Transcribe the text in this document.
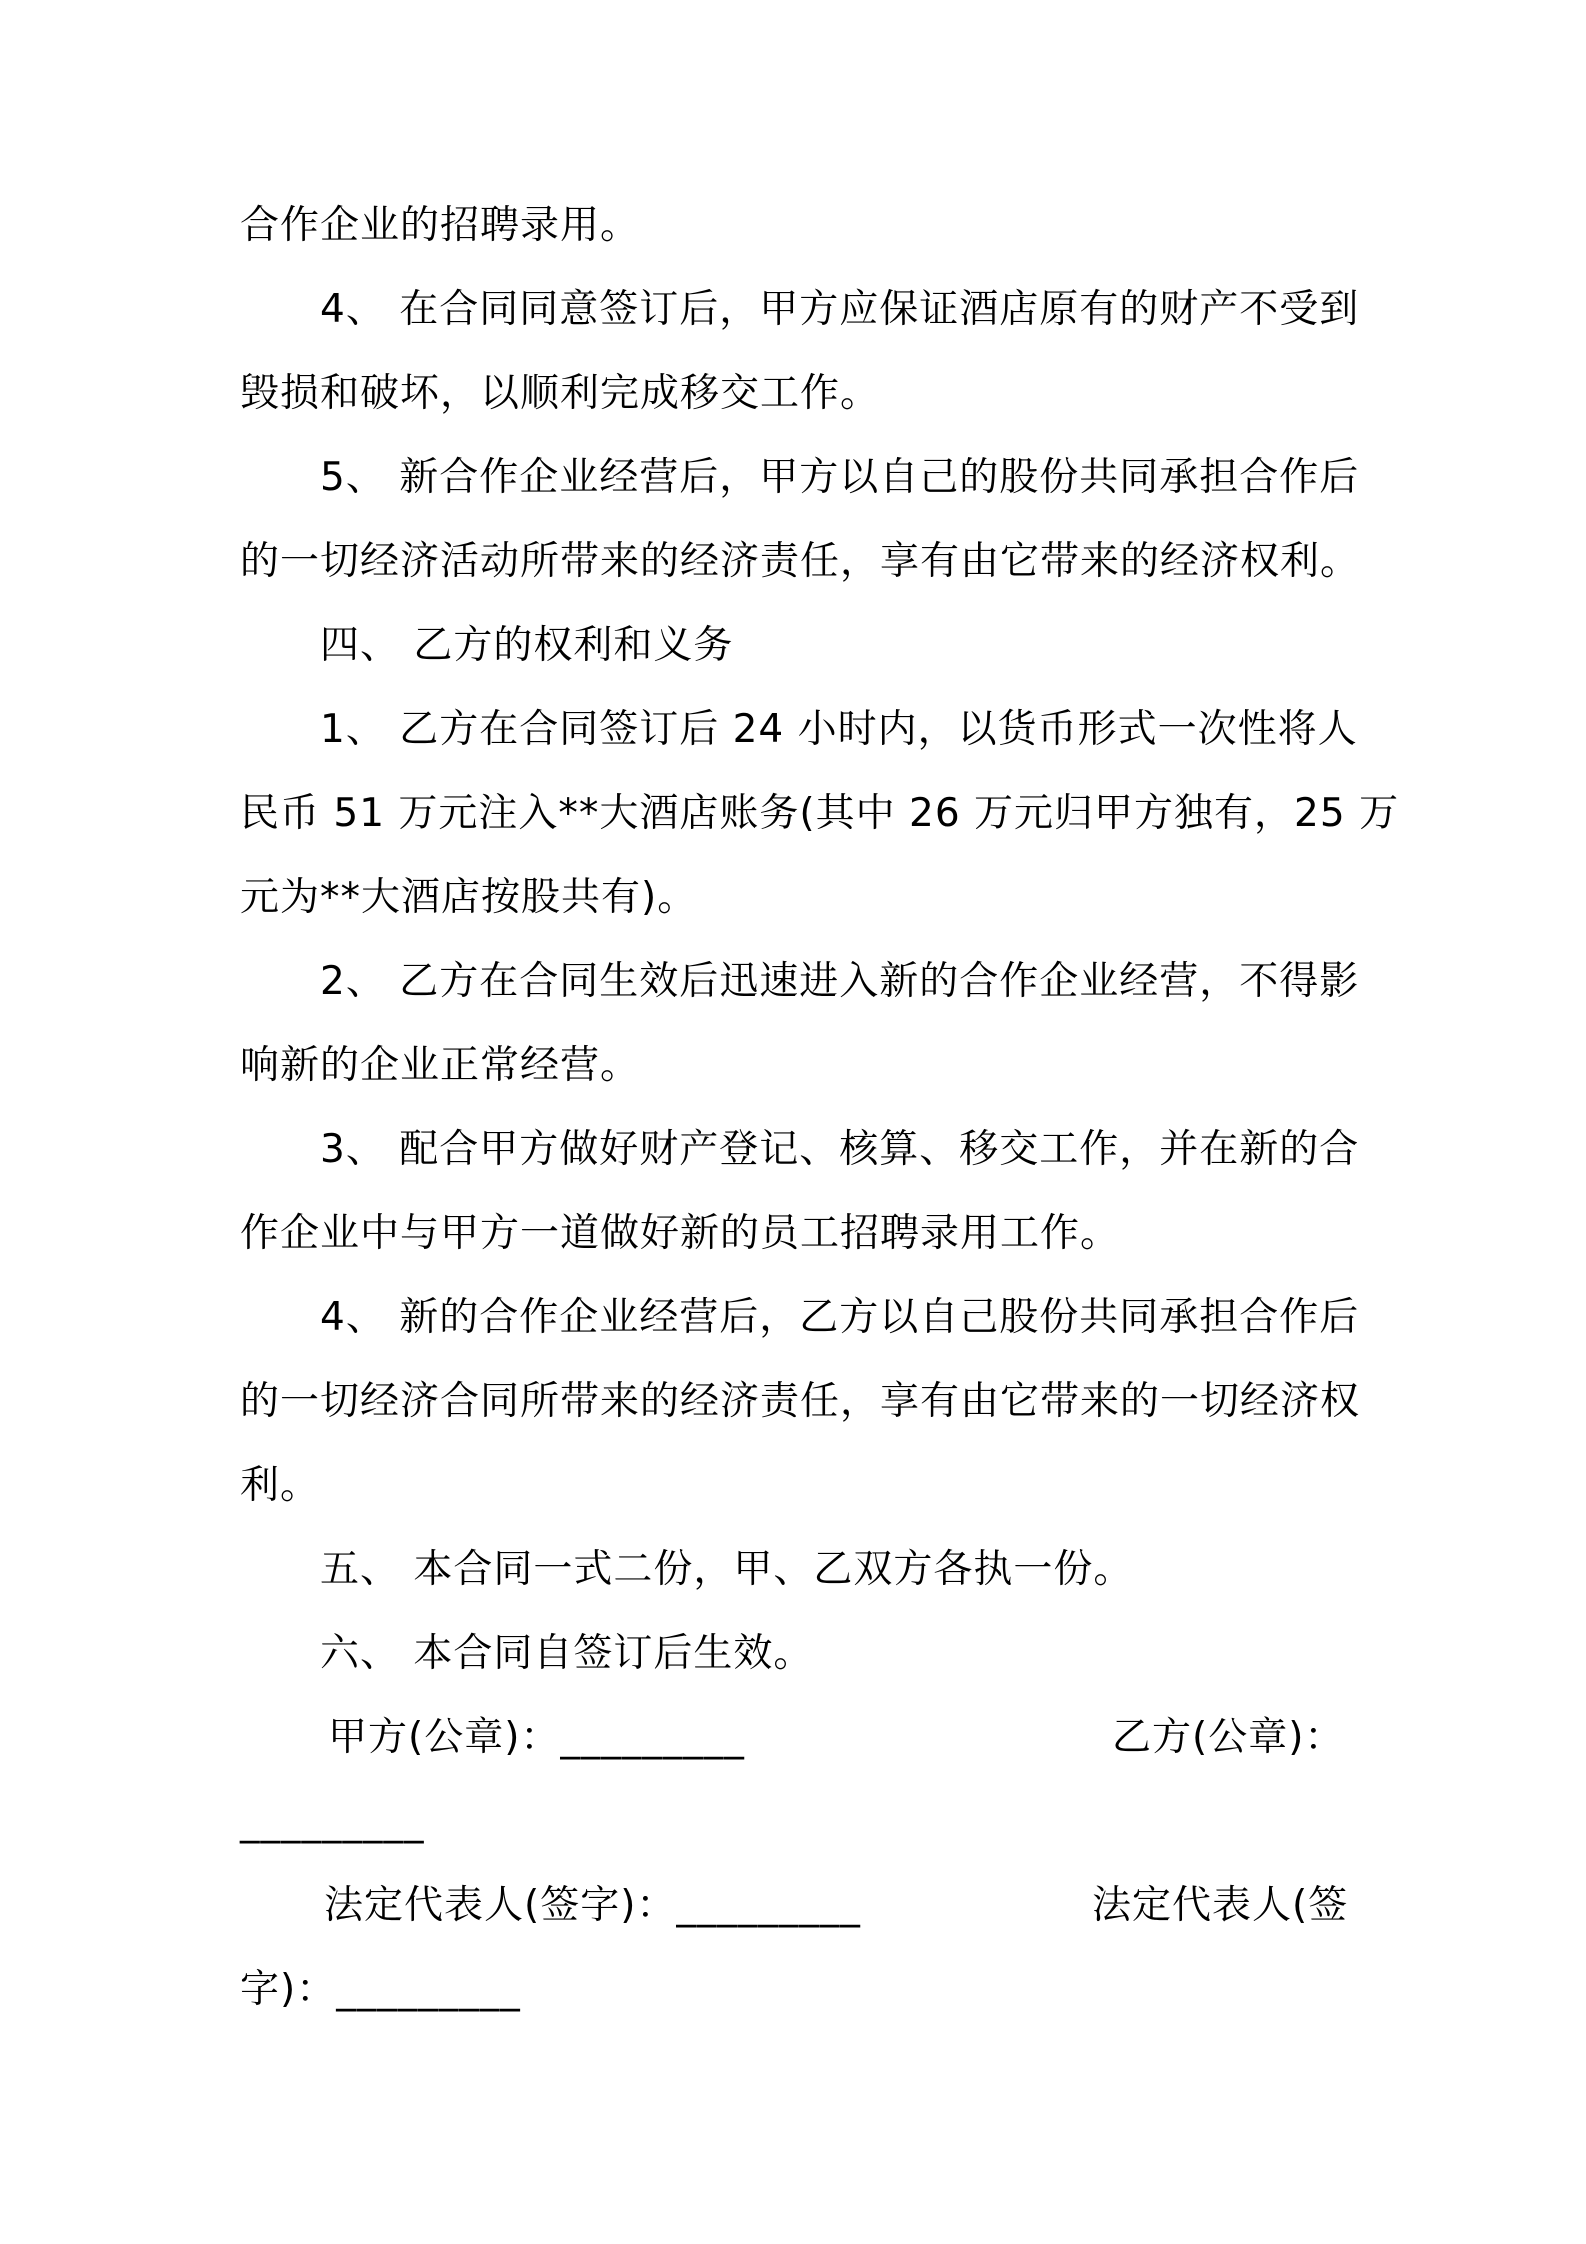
合作企业的招聘录用。
4、 在合同同意签订后，甲方应保证酒店原有的财产不受到
毁损和破坏，以顺利完成移交工作。
5、 新合作企业经营后，甲方以自己的股份共同承担合作后
的一切经济活动所带来的经济责任，享有由它带来的经济权利。
四、 乙方的权利和义务
1、 乙方在合同签订后 24 小时内，以货币形式一次性将人
民币 51 万元注入**大酒店账务(其中 26 万元归甲方独有，25 万
元为**大酒店按股共有)。
2、 乙方在合同生效后迅速进入新的合作企业经营，不得影
响新的企业正常经营。
3、 配合甲方做好财产登记、核算、移交工作，并在新的合
作企业中与甲方一道做好新的员工招聘录用工作。
4、 新的合作企业经营后，乙方以自己股份共同承担合作后
的一切经济合同所带来的经济责任，享有由它带来的一切经济权
利。
五、 本合同一式二份，甲、乙双方各执一份。
六、 本合同自签订后生效。
甲方(公章)：_________	乙方(公章)：
_________
法定代表人(签字)：_________	法定代表人(签
字)：_________
